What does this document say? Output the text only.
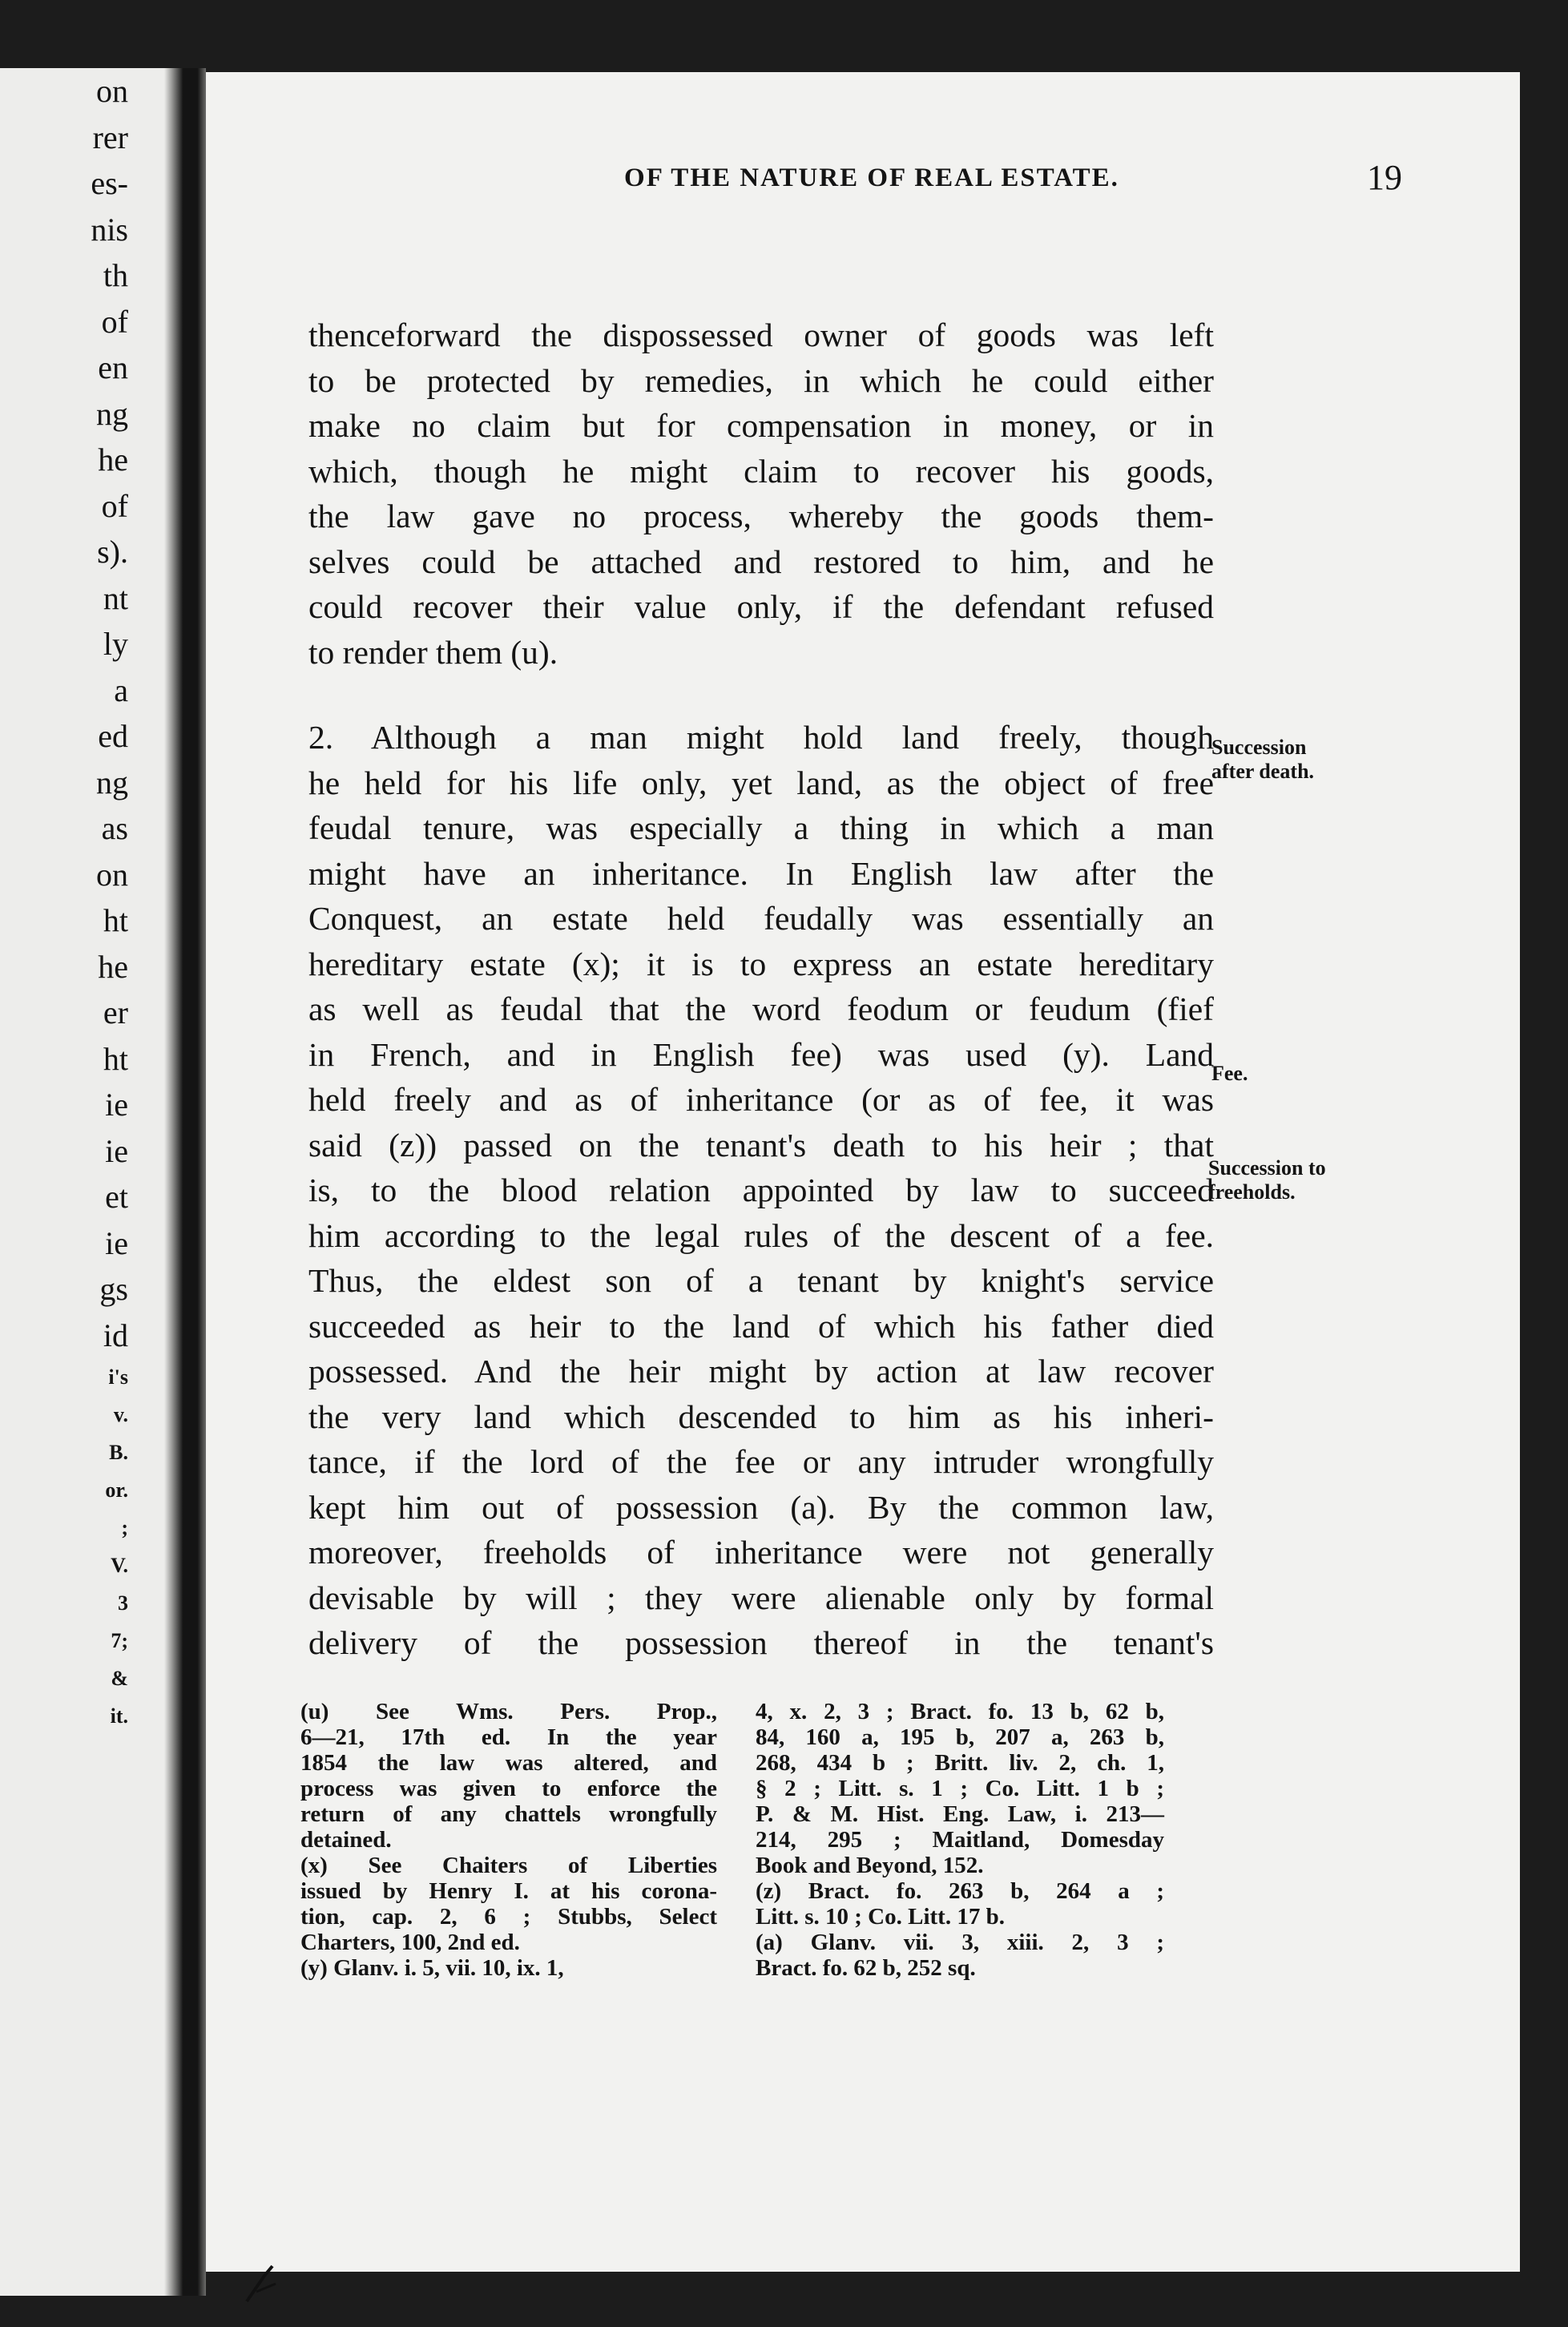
on
rer
es-
nis
th
of
en
ng
he
of
s).
nt
ly
a
ed
ng
as
on
ht
he
er
ht
ie
ie
et
ie
gs
id
i's
v.
B.
or.
;
V.
3
7;
&
it.
OF THE NATURE OF REAL ESTATE.	19
thenceforward the dispossessed owner of goods was left
to be protected by remedies, in which he could either
make no claim but for compensation in money, or in
which, though he might claim to recover his goods,
the law gave no process, whereby the goods them-
selves could be attached and restored to him, and he
could recover their value only, if the defendant refused
to render them (u).
2. Although a man might hold land freely, though
he held for his life only, yet land, as the object of free
feudal tenure, was especially a thing in which a man
might have an inheritance. In English law after the
Conquest, an estate held feudally was essentially an
hereditary estate (x); it is to express an estate hereditary
as well as feudal that the word feodum or feudum (fief
in French, and in English fee) was used (y). Land
held freely and as of inheritance (or as of fee, it was
said (z)) passed on the tenant's death to his heir ; that
is, to the blood relation appointed by law to succeed
him according to the legal rules of the descent of a fee.
Thus, the eldest son of a tenant by knight's service
succeeded as heir to the land of which his father died
possessed. And the heir might by action at law recover
the very land which descended to him as his inheri-
tance, if the lord of the fee or any intruder wrongfully
kept him out of possession (a). By the common law,
moreover, freeholds of inheritance were not generally
devisable by will ; they were alienable only by formal
delivery of the possession thereof in the tenant's
Succession
after death.
Fee.
Succession to
freeholds.
(u) See Wms. Pers. Prop.,
6—21, 17th ed. In the year
1854 the law was altered, and
process was given to enforce the
return of any chattels wrongfully
detained.
(x) See Chaiters of Liberties
issued by Henry I. at his corona-
tion, cap. 2, 6 ; Stubbs, Select
Charters, 100, 2nd ed.
(y) Glanv. i. 5, vii. 10, ix. 1,
4, x. 2, 3 ; Bract. fo. 13 b, 62 b,
84, 160 a, 195 b, 207 a, 263 b,
268, 434 b ; Britt. liv. 2, ch. 1,
§ 2 ; Litt. s. 1 ; Co. Litt. 1 b ;
P. & M. Hist. Eng. Law, i. 213—
214, 295 ; Maitland, Domesday
Book and Beyond, 152.
(z) Bract. fo. 263 b, 264 a ;
Litt. s. 10 ; Co. Litt. 17 b.
(a) Glanv. vii. 3, xiii. 2, 3 ;
Bract. fo. 62 b, 252 sq.
